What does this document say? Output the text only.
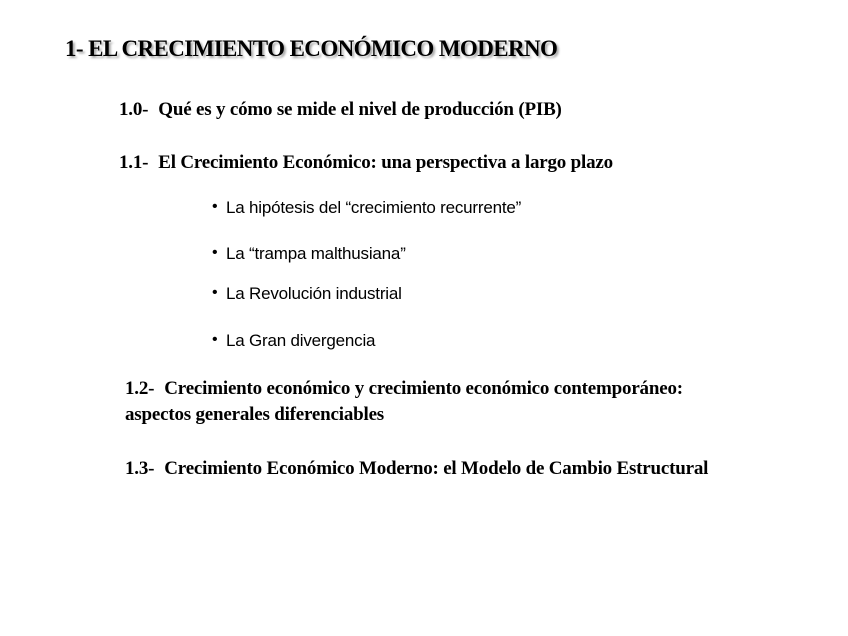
1- EL CRECIMIENTO ECONÓMICO MODERNO
1.0- Qué es y cómo se mide el nivel de producción (PIB)
1.1- El Crecimiento Económico: una perspectiva a largo plazo
• La hipótesis del “crecimiento recurrente”
• La “trampa malthusiana”
• La Revolución industrial
• La Gran divergencia
1.2- Crecimiento económico y crecimiento económico contemporáneo:
aspectos generales diferenciables
1.3- Crecimiento Económico Moderno: el Modelo de Cambio Estructural
